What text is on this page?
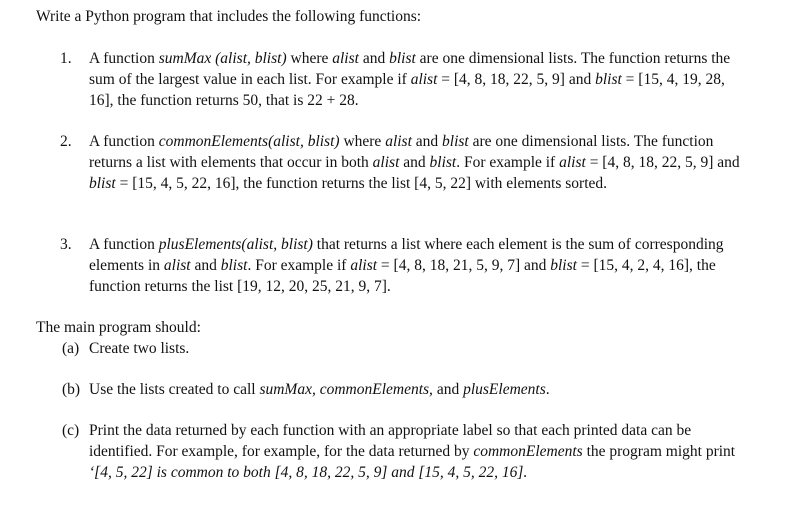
Write a Python program that includes the following functions:
1. A function sumMax (alist, blist) where alist and blist are one dimensional lists. The function returns the sum of the largest value in each list. For example if alist = [4, 8, 18, 22, 5, 9] and blist = [15, 4, 19, 28, 16], the function returns 50, that is 22 + 28.
2. A function commonElements(alist, blist) where alist and blist are one dimensional lists. The function returns a list with elements that occur in both alist and blist. For example if alist = [4, 8, 18, 22, 5, 9] and blist = [15, 4, 5, 22, 16], the function returns the list [4, 5, 22] with elements sorted.
3. A function plusElements(alist, blist) that returns a list where each element is the sum of corresponding elements in alist and blist. For example if alist = [4, 8, 18, 21, 5, 9, 7] and blist = [15, 4, 2, 4, 16], the function returns the list [19, 12, 20, 25, 21, 9, 7].
The main program should:
(a) Create two lists.
(b) Use the lists created to call sumMax, commonElements, and plusElements.
(c) Print the data returned by each function with an appropriate label so that each printed data can be identified. For example, for example, for the data returned by commonElements the program might print ‘[4, 5, 22] is common to both [4, 8, 18, 22, 5, 9] and [15, 4, 5, 22, 16].
